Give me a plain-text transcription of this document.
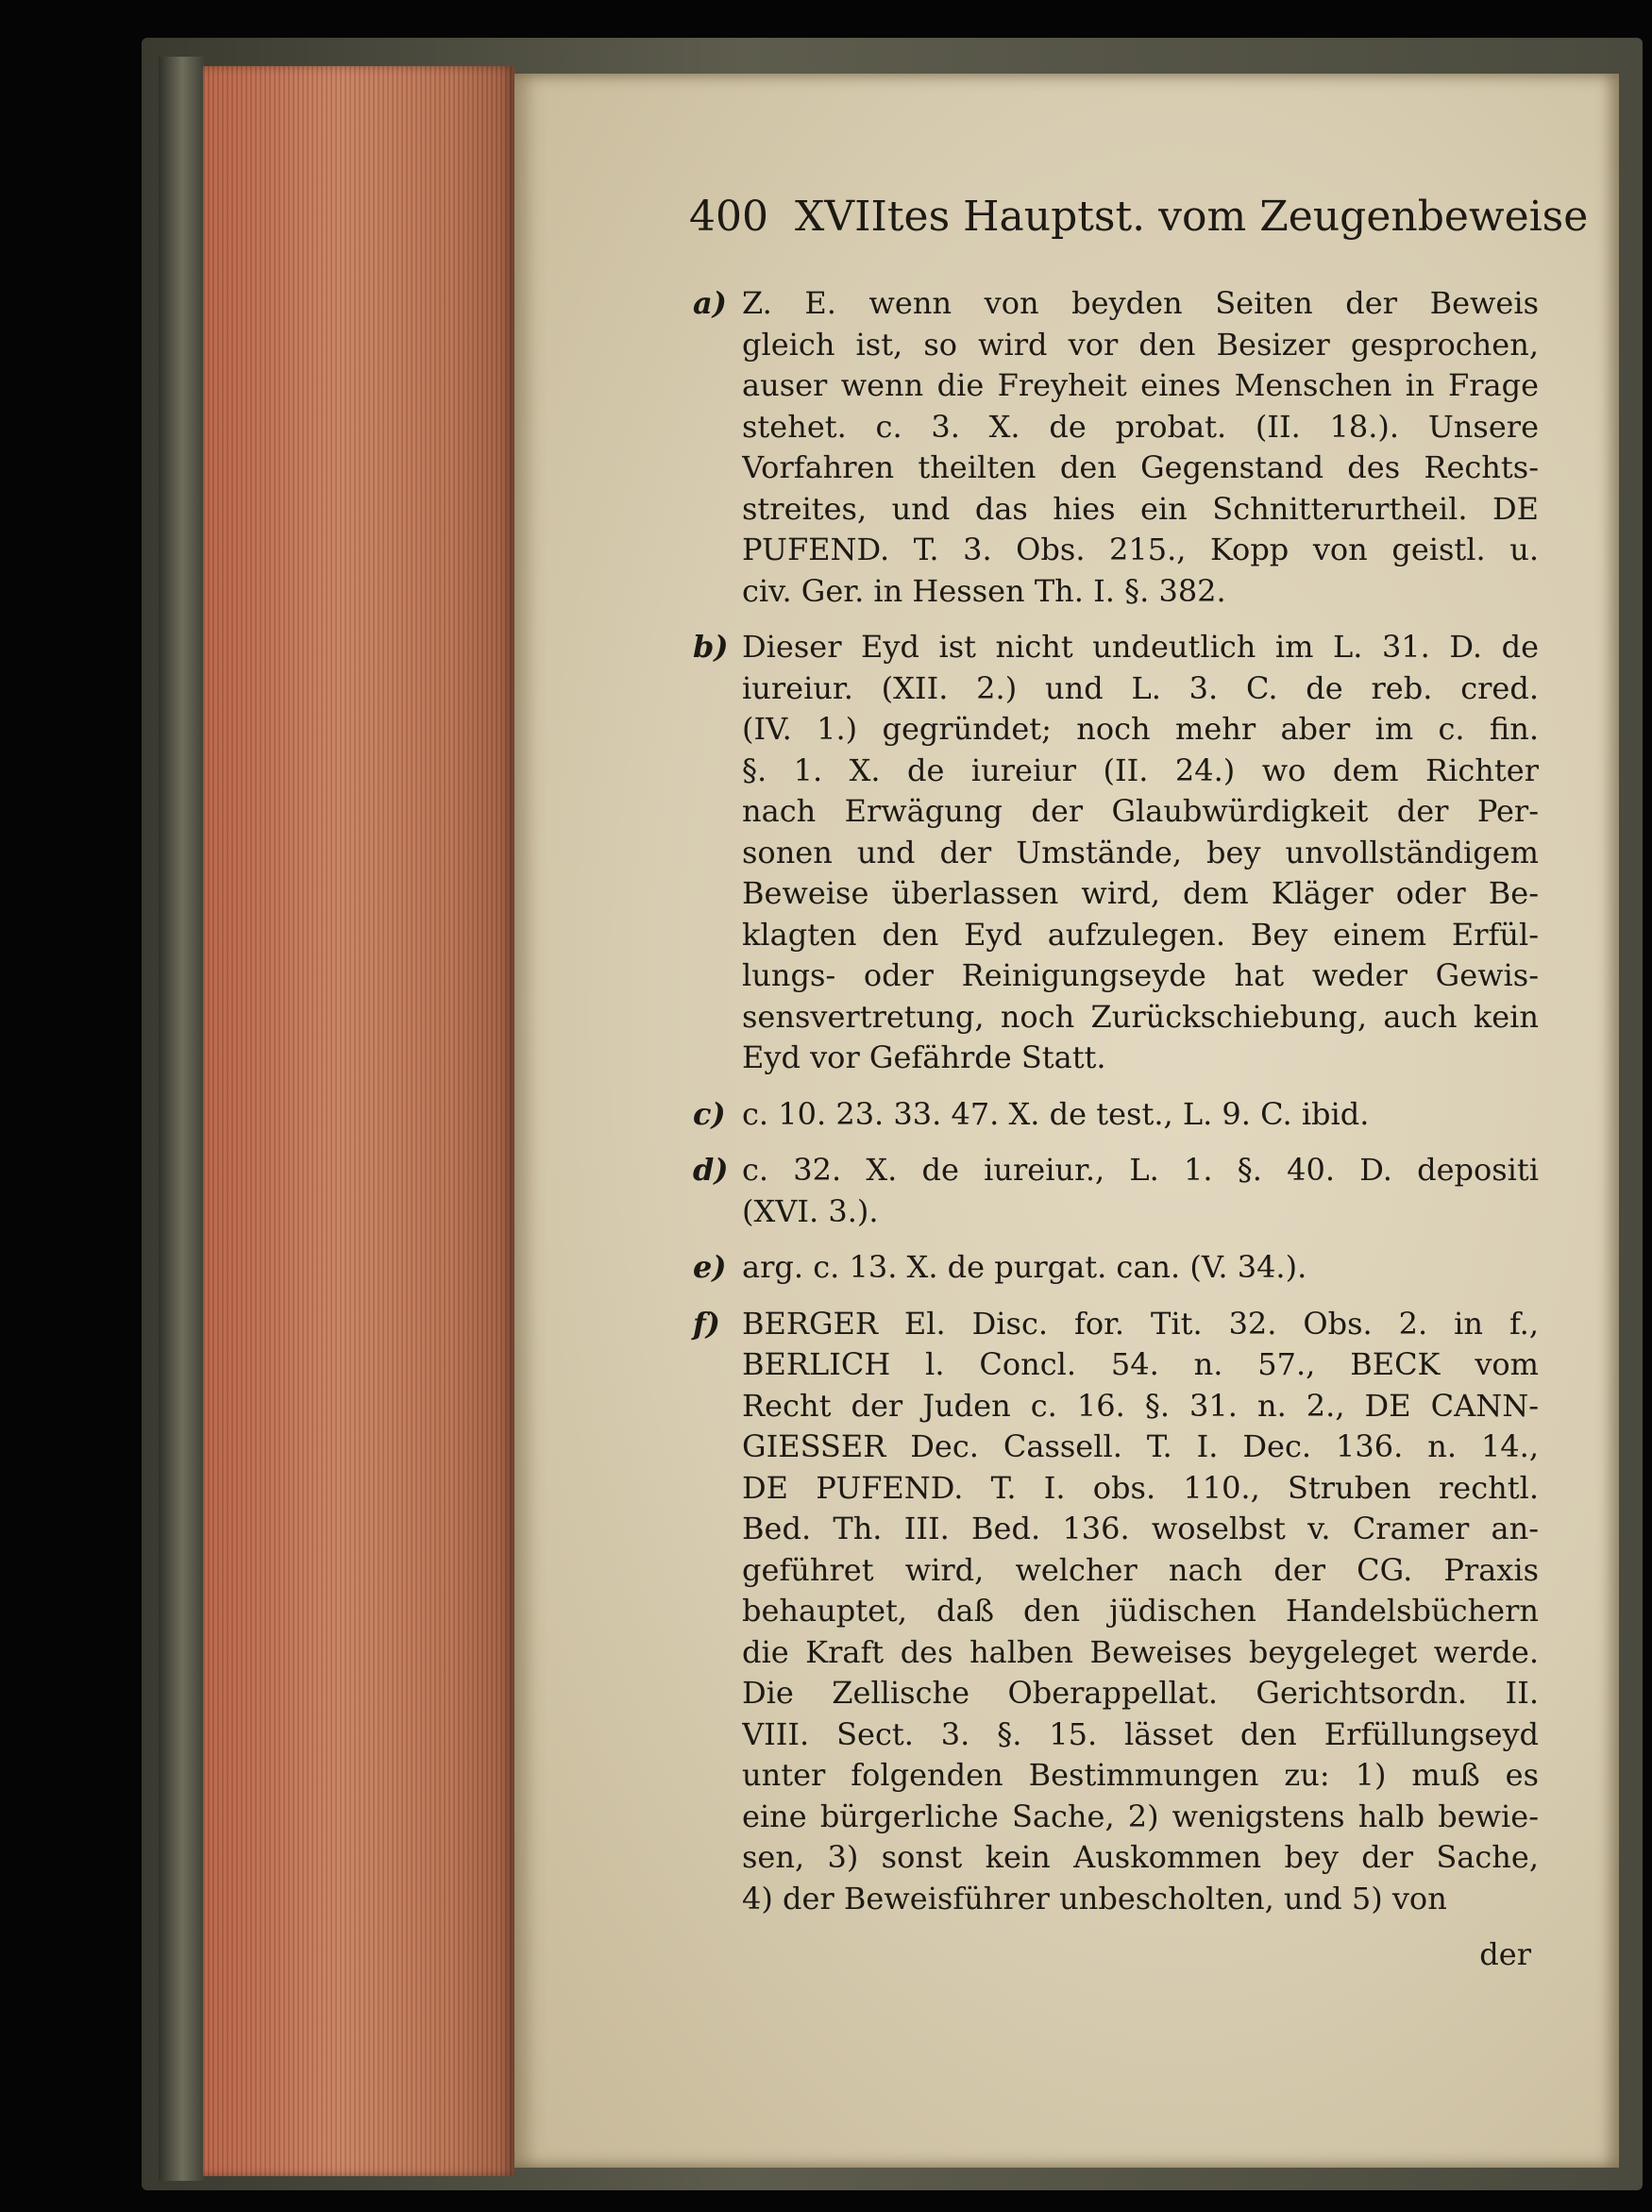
400 XVIItes Hauptst. vom Zeugenbeweise
a) Z. E. wenn von beyden Seiten der Beweis
gleich ist, so wird vor den Besizer gesprochen,
auser wenn die Freyheit eines Menschen in Frage
stehet. c. 3. X. de probat. (II. 18.). Unsere
Vorfahren theilten den Gegenstand des Rechts-
streites, und das hies ein Schnitterurtheil. DE
PUFEND. T. 3. Obs. 215., Kopp von geistl. u.
civ. Ger. in Hessen Th. I. §. 382.
b) Dieser Eyd ist nicht undeutlich im L. 31. D. de
iureiur. (XII. 2.) und L. 3. C. de reb. cred.
(IV. 1.) gegründet; noch mehr aber im c. fin.
§. 1. X. de iureiur (II. 24.) wo dem Richter
nach Erwägung der Glaubwürdigkeit der Per-
sonen und der Umstände, bey unvollständigem
Beweise überlassen wird, dem Kläger oder Be-
klagten den Eyd aufzulegen. Bey einem Erfül-
lungs- oder Reinigungseyde hat weder Gewis-
sensvertretung, noch Zurückschiebung, auch kein
Eyd vor Gefährde Statt.
c) c. 10. 23. 33. 47. X. de test., L. 9. C. ibid.
d) c. 32. X. de iureiur., L. 1. §. 40. D. depositi
(XVI. 3.).
e) arg. c. 13. X. de purgat. can. (V. 34.).
f) BERGER El. Disc. for. Tit. 32. Obs. 2. in f.,
BERLICH l. Concl. 54. n. 57., BECK vom
Recht der Juden c. 16. §. 31. n. 2., DE CANN-
GIESSER Dec. Cassell. T. I. Dec. 136. n. 14.,
DE PUFEND. T. I. obs. 110., Struben rechtl.
Bed. Th. III. Bed. 136. woselbst v. Cramer an-
geführet wird, welcher nach der CG. Praxis
behauptet, daß den jüdischen Handelsbüchern
die Kraft des halben Beweises beygeleget werde.
Die Zellische Oberappellat. Gerichtsordn. II.
VIII. Sect. 3. §. 15. lässet den Erfüllungseyd
unter folgenden Bestimmungen zu: 1) muß es
eine bürgerliche Sache, 2) wenigstens halb bewie-
sen, 3) sonst kein Auskommen bey der Sache,
4) der Beweisführer unbescholten, und 5) von
der
